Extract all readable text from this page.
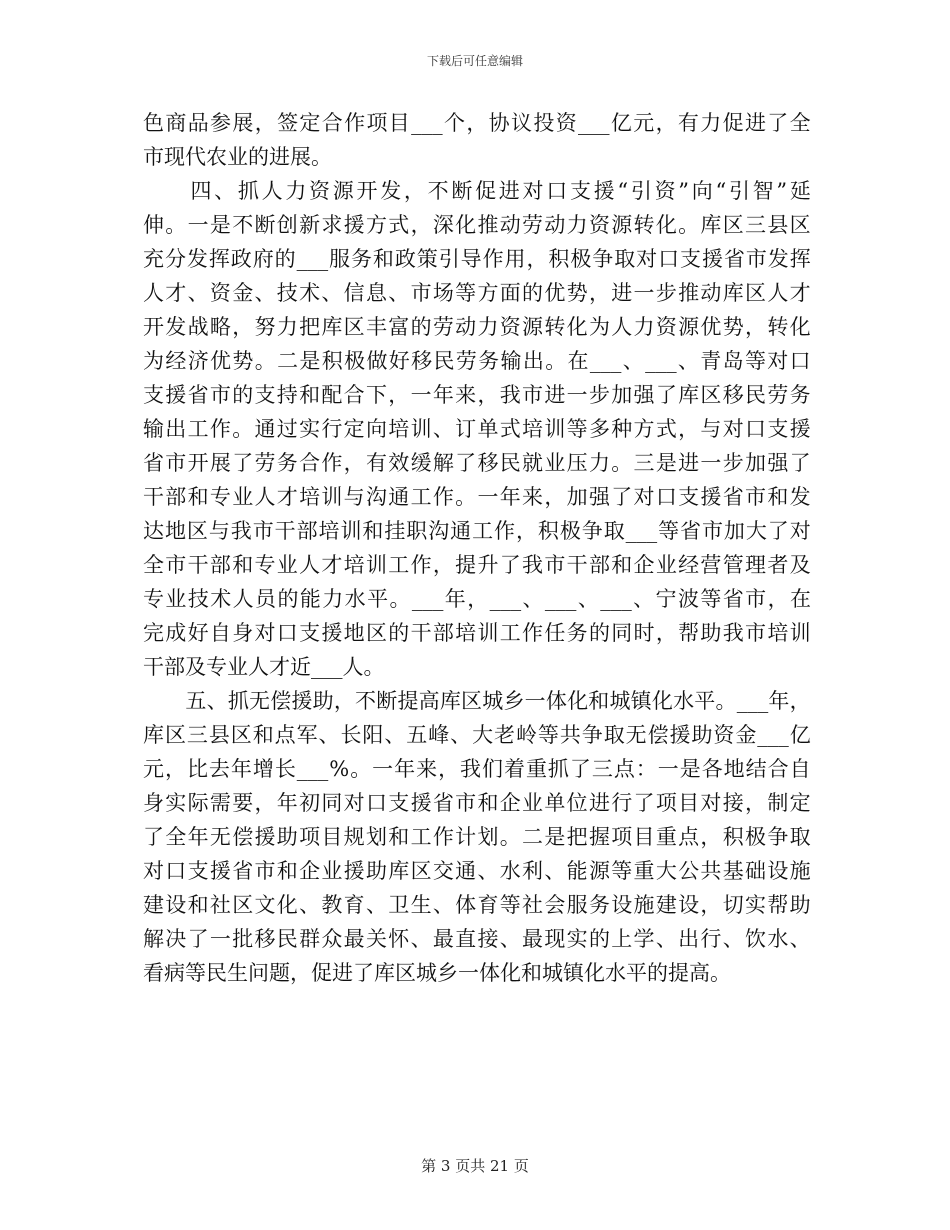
下载后可任意编辑
色 商 品 参 展 ， 签 定 合 作 项 目 ___ 个 ， 协 议 投 资 ___ 亿 元 ， 有 力 促 进 了 全
市 现 代 农 业 的 进 展 。

四 、 抓 人 力 资 源 开 发 ， 不 断 促 进 对 口 支 援 “ 引 资 ” 向 “ 引 智 ” 延
伸 。 一 是 不 断 创 新 求 援 方 式 ， 深 化 推 动 劳 动 力 资 源 转 化 。 库 区 三 县 区
充 分 发 挥 政 府 的 ___ 服 务 和 政 策 引 导 作 用 ， 积 极 争 取 对 口 支 援 省 市 发 挥
人 才 、 资 金 、 技 术 、 信 息 、 市 场 等 方 面 的 优 势 ， 进 一 步 推 动 库 区 人 才
开 发 战 略 ， 努 力 把 库 区 丰 富 的 劳 动 力 资 源 转 化 为 人 力 资 源 优 势 ， 转 化
为 经 济 优 势 。 二 是 积 极 做 好 移 民 劳 务 输 出 。 在 ___ 、 ___ 、 青 岛 等 对 口
支 援 省 市 的 支 持 和 配 合 下 ， 一 年 来 ， 我 市 进 一 步 加 强 了 库 区 移 民 劳 务
输 出 工 作 。 通 过 实 行 定 向 培 训 、 订 单 式 培 训 等 多 种 方 式 ， 与 对 口 支 援
省 市 开 展 了 劳 务 合 作 ， 有 效 缓 解 了 移 民 就 业 压 力 。 三 是 进 一 步 加 强 了
干 部 和 专 业 人 才 培 训 与 沟 通 工 作 。 一 年 来 ， 加 强 了 对 口 支 援 省 市 和 发
达 地 区 与 我 市 干 部 培 训 和 挂 职 沟 通 工 作 ， 积 极 争 取 ___ 等 省 市 加 大 了 对
全 市 干 部 和 专 业 人 才 培 训 工 作 ， 提 升 了 我 市 干 部 和 企 业 经 营 管 理 者 及
专 业 技 术 人 员 的 能 力 水 平 。 ___ 年 ， ___ 、 ___ 、 ___ 、 宁 波 等 省 市 ， 在
完 成 好 自 身 对 口 支 援 地 区 的 干 部 培 训 工 作 任 务 的 同 时 ， 帮 助 我 市 培 训
干 部 及 专 业 人 才 近 ___ 人 。

五 、 抓 无 偿 援 助 ， 不 断 提 高 库 区 城 乡 一 体 化 和 城 镇 化 水 平 。 ___ 年 ，
库 区 三 县 区 和 点 军 、 长 阳 、 五 峰 、 大 老 岭 等 共 争 取 无 偿 援 助 资 金 ___ 亿
元 ， 比 去 年 增 长 ___ % 。 一 年 来 ， 我 们 着 重 抓 了 三 点 ： 一 是 各 地 结 合 自
身 实 际 需 要 ， 年 初 同 对 口 支 援 省 市 和 企 业 单 位 进 行 了 项 目 对 接 ， 制 定
了 全 年 无 偿 援 助 项 目 规 划 和 工 作 计 划 。 二 是 把 握 项 目 重 点 ， 积 极 争 取
对 口 支 援 省 市 和 企 业 援 助 库 区 交 通 、 水 利 、 能 源 等 重 大 公 共 基 础 设 施
建 设 和 社 区 文 化 、 教 育 、 卫 生 、 体 育 等 社 会 服 务 设 施 建 设 ， 切 实 帮 助
解 决 了 一 批 移 民 群 众 最 关 怀 、 最 直 接 、 最 现 实 的 上 学 、 出 行 、 饮 水 、
看 病 等 民 生 问 题 ， 促 进 了 库 区 城 乡 一 体 化 和 城 镇 化 水 平 的 提 高 。
第 3 页共 21 页
